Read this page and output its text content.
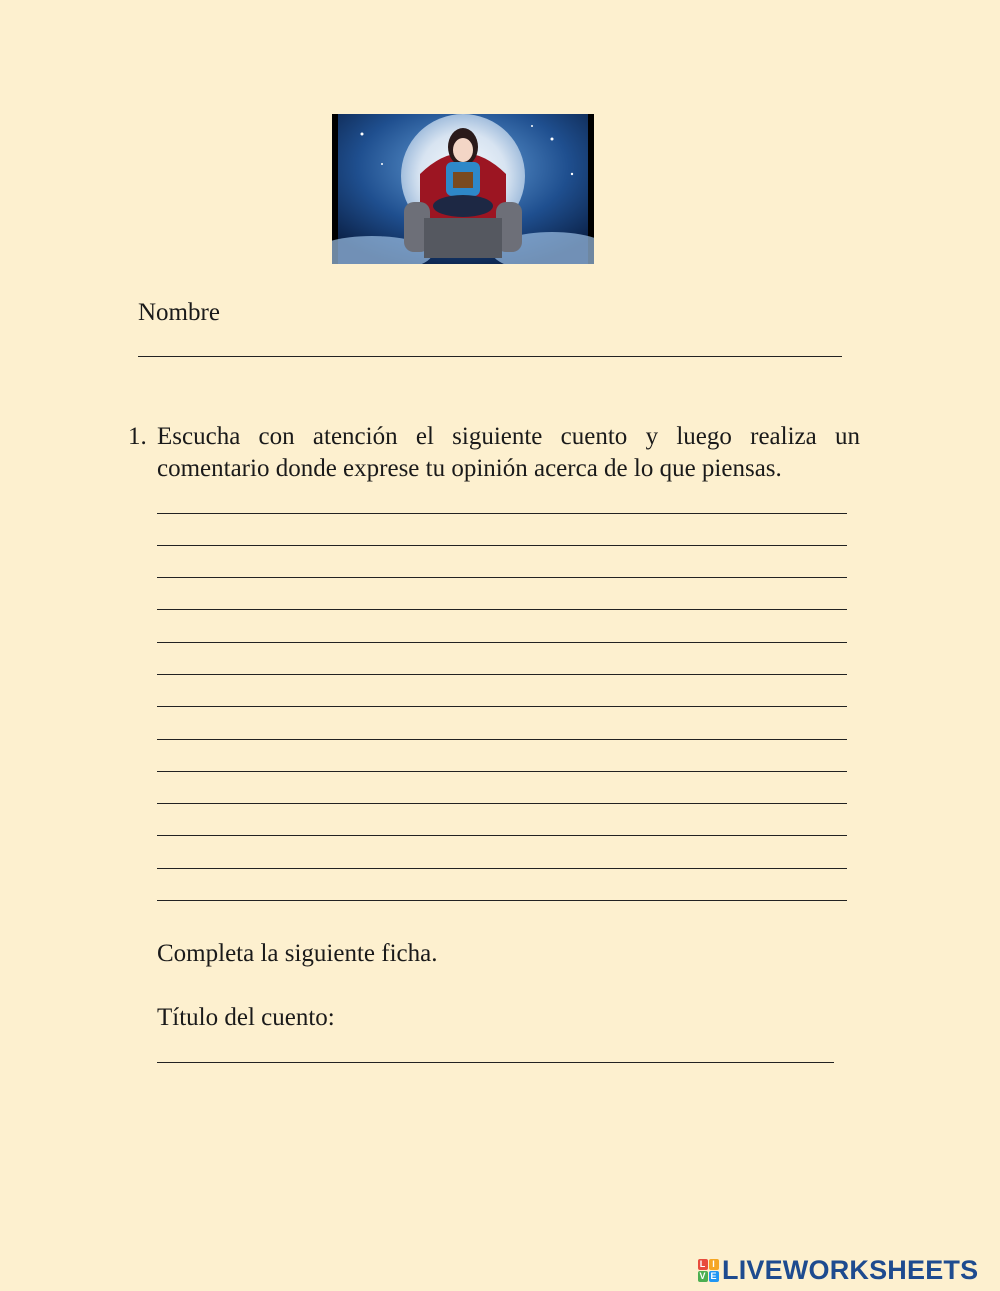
Nombre
1. Escucha con atención el siguiente cuento y luego realiza un comentario donde exprese tu opinión acerca de lo que piensas.
Completa la siguiente ficha.
Título del cuento:
L I
V E LIVEWORKSHEETS
